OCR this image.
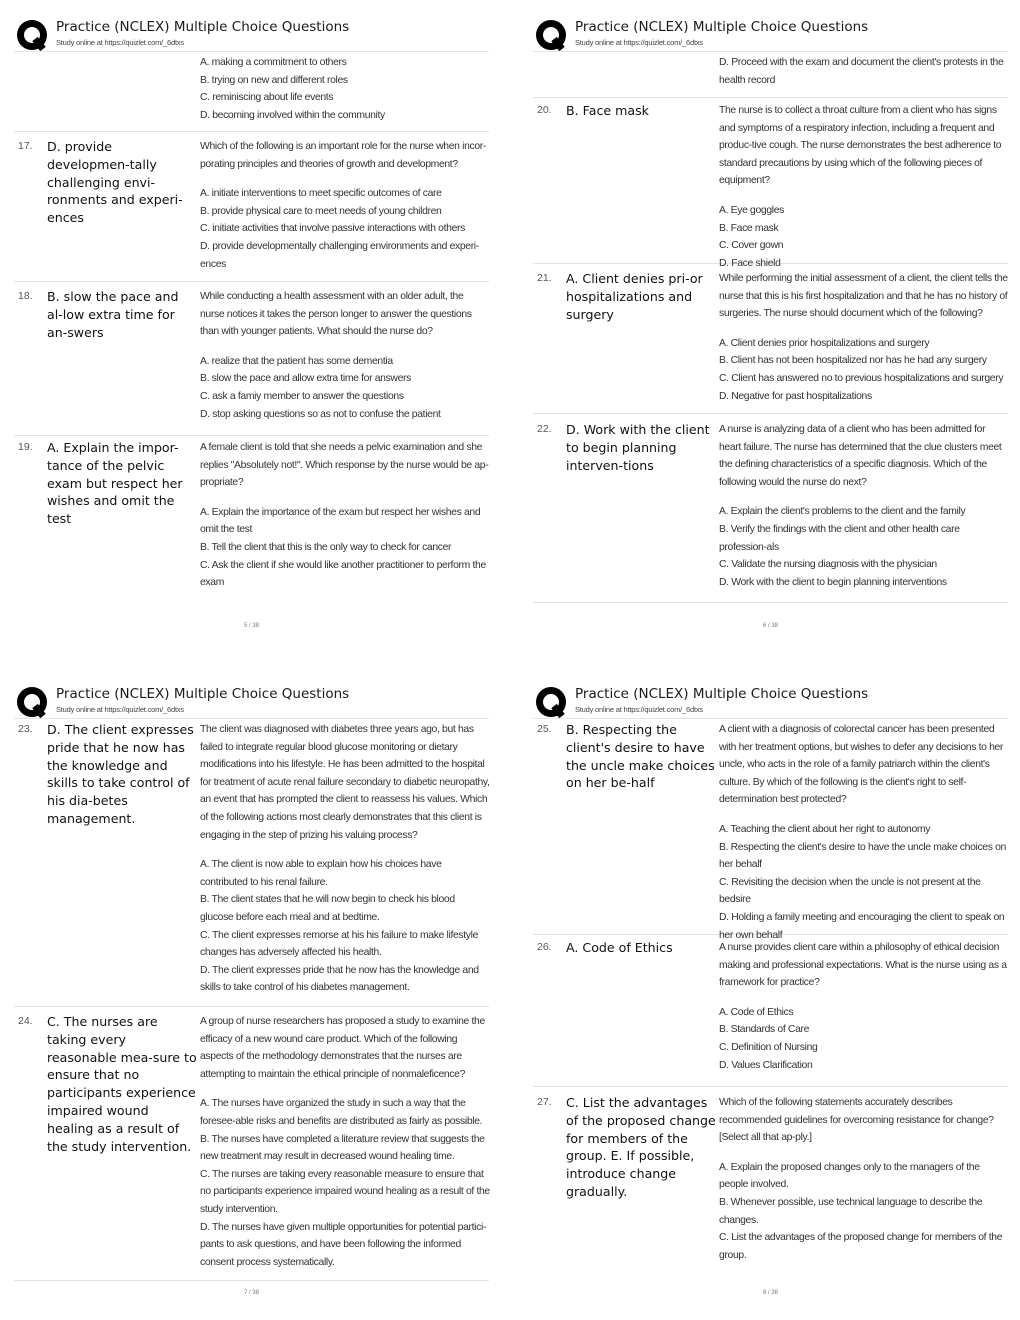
Practice (NCLEX) Multiple Choice Questions
Study online at https://quizlet.com/_6dtxs
A. making a commitment to others
B. trying on new and different roles
C. reminiscing about life events
D. becoming involved within the community
17. D. provide developmen-tally challenging envi-ronments and experi-ences
Which of the following is an important role for the nurse when incor-porating principles and theories of growth and development?
A. initiate interventions to meet specific outcomes of care
B. provide physical care to meet needs of young children
C. initiate activities that involve passive interactions with others
D. provide developmentally challenging environments and experi-ences
18. B. slow the pace and al-low extra time for an-swers
While conducting a health assessment with an older adult, the nurse notices it takes the person longer to answer the questions than with younger patients. What should the nurse do?
A. realize that the patient has some dementia
B. slow the pace and allow extra time for answers
C. ask a famiy member to answer the questions
D. stop asking questions so as not to confuse the patient
19. A. Explain the impor-tance of the pelvic exam but respect her wishes and omit the test
A female client is told that she needs a pelvic examination and she replies "Absolutely not!". Which response by the nurse would be ap-propriate?
A. Explain the importance of the exam but respect her wishes and omit the test
B. Tell the client that this is the only way to check for cancer
C. Ask the client if she would like another practitioner to perform the exam
5 / 38
Practice (NCLEX) Multiple Choice Questions
Study online at https://quizlet.com/_6dtxs
D. Proceed with the exam and document the client's protests in the health record
20. B. Face mask	The nurse is to collect a throat culture from a client who has signs and symptoms of a respiratory infection, including a frequent and produc-tive cough. The nurse demonstrates the best adherence to standard precautions by using which of the following pieces of equipment?
A. Eye goggles
B. Face mask
C. Cover gown
D. Face shield
21. A. Client denies pri-or hospitalizations and surgery
While performing the initial assessment of a client, the client tells the nurse that this is his first hospitalization and that he has no history of surgeries. The nurse should document which of the following?
A. Client denies prior hospitalizations and surgery
B. Client has not been hospitalized nor has he had any surgery
C. Client has answered no to previous hospitalizations and surgery
D. Negative for past hospitalizations
22. D. Work with the client to begin planning interven-tions
A nurse is analyzing data of a client who has been admitted for heart failure. The nurse has determined that the clue clusters meet the defining characteristics of a specific diagnosis. Which of the following would the nurse do next?
A. Explain the client's problems to the client and the family
B. Verify the findings with the client and other health care profession-als
C. Validate the nursing diagnosis with the physician
D. Work with the client to begin planning interventions
6 / 38
Practice (NCLEX) Multiple Choice Questions
Study online at https://quizlet.com/_6dtxs
23. D. The client expresses pride that he now has the knowledge and skills to take control of his dia-betes management.
The client was diagnosed with diabetes three years ago, but has failed to integrate regular blood glucose monitoring or dietary modifications into his lifestyle. He has been admitted to the hospital for treatment of acute renal failure secondary to diabetic neuropathy, an event that has prompted the client to reassess his values. Which of the following actions most clearly demonstrates that this client is engaging in the step of prizing his valuing process?
A. The client is now able to explain how his choices have contributed to his renal failure.
B. The client states that he will now begin to check his blood glucose before each meal and at bedtime.
C. The client expresses remorse at his his failure to make lifestyle changes has adversely affected his health.
D. The client expresses pride that he now has the knowledge and skills to take control of his diabetes management.
24. C. The nurses are taking every reasonable mea-sure to ensure that no participants experience impaired wound healing as a result of the study intervention.
A group of nurse researchers has proposed a study to examine the efficacy of a new wound care product. Which of the following aspects of the methodology demonstrates that the nurses are attempting to maintain the ethical principle of nonmaleficence?
A. The nurses have organized the study in such a way that the foresee-able risks and benefits are distributed as fairly as possible.
B. The nurses have completed a literature review that suggests the new treatment may result in decreased wound healing time.
C. The nurses are taking every reasonable measure to ensure that no participants experience impaired wound healing as a result of the study intervention.
D. The nurses have given multiple opportunities for potential partici-pants to ask questions, and have been following the informed consent process systematically.
7 / 38
Practice (NCLEX) Multiple Choice Questions
Study online at https://quizlet.com/_6dtxs
25. B. Respecting the client's desire to have the uncle make choices on her be-half
A client with a diagnosis of colorectal cancer has been presented with her treatment options, but wishes to defer any decisions to her uncle, who acts in the role of a family patriarch within the client's culture. By which of the following is the client's right to self-determination best protected?
A. Teaching the client about her right to autonomy
B. Respecting the client's desire to have the uncle make choices on her behalf
C. Revisiting the decision when the uncle is not present at the bedsire
D. Holding a family meeting and encouraging the client to speak on her own behalf
26. A. Code of Ethics	A nurse provides client care within a philosophy of ethical decision making and professional expectations. What is the nurse using as a framework for practice?
A. Code of Ethics
B. Standards of Care
C. Definition of Nursing
D. Values Clarification
27. C. List the advantages of the proposed change for members of the group. E. If possible, introduce change gradually.
Which of the following statements accurately describes recommended guidelines for overcoming resistance for change? [Select all that ap-ply.]
A. Explain the proposed changes only to the managers of the people involved.
B. Whenever possible, use technical language to describe the changes.
C. List the advantages of the proposed change for members of the group.
8 / 38
